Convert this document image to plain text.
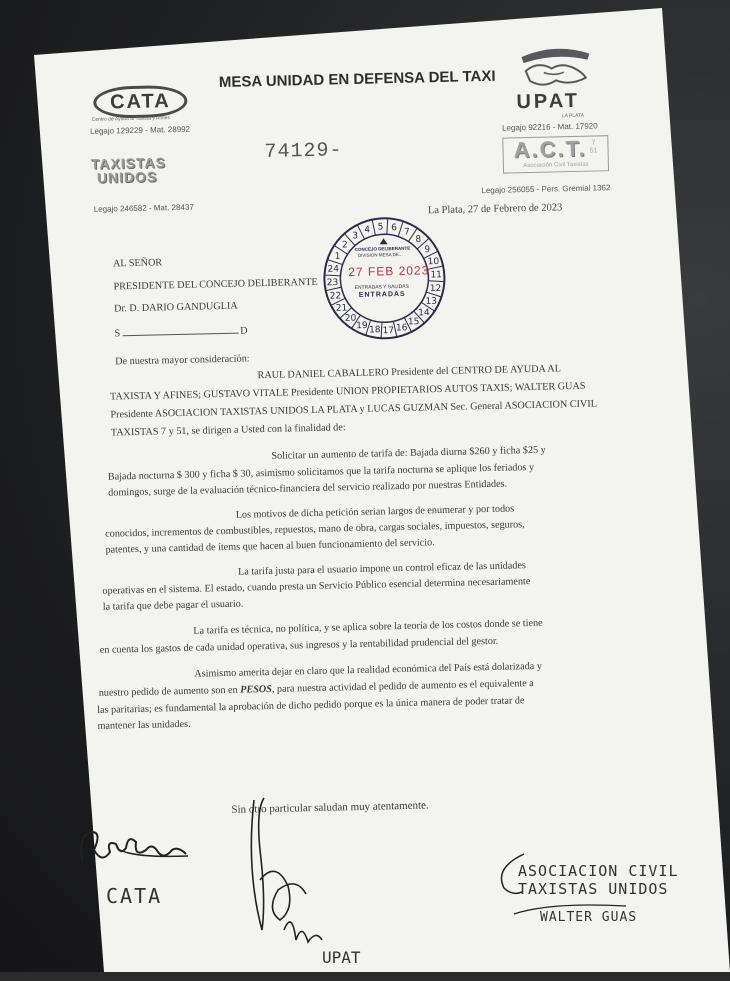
CATA
Centro de Ayuda al Taxista y Afines
Legajo 129229 - Mat. 28992
MESA UNIDAD EN DEFENSA DEL TAXI
UPAT
LA PLATA
Legajo 92216 - Mat. 17920
74129-
TAXISTAS
UNIDOS
Legajo 246582 - Mat. 28437
A.C.T. 7
51
Asociación Civil Taxistas
Legajo 256055 - Pers. Gremial 1362
La Plata, 27 de Febrero de 2023
1
2
3
4 5 6 7
8
9
10
11
12
13
14
15
16
17
18
19
20
21
22
23
24
CONCEJO DELIBERANTE
DIVISION MESA DE...
27 FEB 2023
ENTRADAS Y SALIDAS
ENTRADAS
AL SEÑOR
PRESIDENTE DEL CONCEJO DELIBERANTE
Dr. D. DARIO GANDUGLIA
S	D
De nuestra mayor consideración:
RAUL DANIEL CABALLERO Presidente del CENTRO DE AYUDA AL
TAXISTA Y AFINES; GUSTAVO VITALE Presidente UNION PROPIETARIOS AUTOS TAXIS; WALTER GUAS
Presidente ASOCIACION TAXISTAS UNIDOS LA PLATA y LUCAS GUZMAN Sec. General ASOCIACION CIVIL
TAXISTAS 7 y 51, se dirigen a Usted con la finalidad de:
Solicitar un aumento de tarifa de: Bajada diurna $260 y ficha $25 y
Bajada nocturna $ 300 y ficha $ 30, asimismo solicitamos que la tarifa nocturna se aplique los feriados y
domingos, surge de la evaluación técnico-financiera del servicio realizado por nuestras Entidades.
Los motivos de dicha petición serian largos de enumerar y por todos
conocidos, incrementos de combustibles, repuestos, mano de obra, cargas sociales, impuestos, seguros,
patentes, y una cantidad de ítems que hacen al buen funcionamiento del servicio.
La tarifa justa para el usuario impone un control eficaz de las unidades
operativas en el sistema. El estado, cuando presta un Servicio Público esencial determina necesariamente
la tarifa que debe pagar el usuario.
La tarifa es técnica, no política, y se aplica sobre la teoría de los costos donde se tiene
en cuenta los gastos de cada unidad operativa, sus ingresos y la rentabilidad prudencial del gestor.
Asimismo amerita dejar en claro que la realidad económica del País está dolarizada y
nuestro pedido de aumento son en PESOS, para nuestra actividad el pedido de aumento es el equivalente a
las paritarias; es fundamental la aprobación de dicho pedido porque es la única manera de poder tratar de
mantener las unidades.
Sin otro particular saludan muy atentamente.
CATA
UPAT
ASOCIACION CIVIL
TAXISTAS UNIDOS
WALTER GUAS
